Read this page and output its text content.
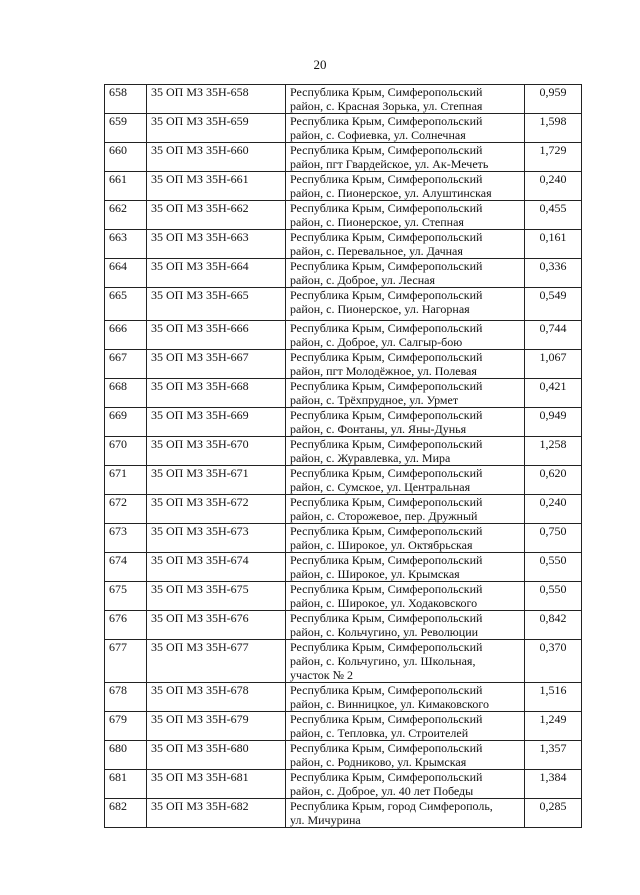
20
658	35 ОП МЗ 35Н-658	Республика Крым, Симферопольский
район, с. Красная Зорька, ул. Степная	0,959
659	35 ОП МЗ 35Н-659	Республика Крым, Симферопольский
район, с. Софиевка, ул. Солнечная	1,598
660	35 ОП МЗ 35Н-660	Республика Крым, Симферопольский
район, пгт Гвардейское, ул. Ак-Мечеть	1,729
661	35 ОП МЗ 35Н-661	Республика Крым, Симферопольский
район, с. Пионерское, ул. Алуштинская	0,240
662	35 ОП МЗ 35Н-662	Республика Крым, Симферопольский
район, с. Пионерское, ул. Степная	0,455
663	35 ОП МЗ 35Н-663	Республика Крым, Симферопольский
район, с. Перевальное, ул. Дачная	0,161
664	35 ОП МЗ 35Н-664	Республика Крым, Симферопольский
район, с. Доброе, ул. Лесная	0,336
665	35 ОП МЗ 35Н-665	Республика Крым, Симферопольский
район, с. Пионерское, ул. Нагорная	0,549
666	35 ОП МЗ 35Н-666	Республика Крым, Симферопольский
район, с. Доброе, ул. Салгыр-бою	0,744
667	35 ОП МЗ 35Н-667	Республика Крым, Симферопольский
район, пгт Молодёжное, ул. Полевая	1,067
668	35 ОП МЗ 35Н-668	Республика Крым, Симферопольский
район, с. Трёхпрудное, ул. Урмет	0,421
669	35 ОП МЗ 35Н-669	Республика Крым, Симферопольский
район, с. Фонтаны, ул. Яны-Дунья	0,949
670	35 ОП МЗ 35Н-670	Республика Крым, Симферопольский
район, с. Журавлевка, ул. Мира	1,258
671	35 ОП МЗ 35Н-671	Республика Крым, Симферопольский
район, с. Сумское, ул. Центральная	0,620
672	35 ОП МЗ 35Н-672	Республика Крым, Симферопольский
район, с. Сторожевое, пер. Дружный	0,240
673	35 ОП МЗ 35Н-673	Республика Крым, Симферопольский
район, с. Широкое, ул. Октябрьская	0,750
674	35 ОП МЗ 35Н-674	Республика Крым, Симферопольский
район, с. Широкое, ул. Крымская	0,550
675	35 ОП МЗ 35Н-675	Республика Крым, Симферопольский
район, с. Широкое, ул. Ходаковского	0,550
676	35 ОП МЗ 35Н-676	Республика Крым, Симферопольский
район, с. Кольчугино, ул. Революции	0,842
677	35 ОП МЗ 35Н-677	Республика Крым, Симферопольский
район, с. Кольчугино, ул. Школьная,
участок № 2	0,370
678	35 ОП МЗ 35Н-678	Республика Крым, Симферопольский
район, с. Винницкое, ул. Кимаковского	1,516
679	35 ОП МЗ 35Н-679	Республика Крым, Симферопольский
район, с. Тепловка, ул. Строителей	1,249
680	35 ОП МЗ 35Н-680	Республика Крым, Симферопольский
район, с. Родниково, ул. Крымская	1,357
681	35 ОП МЗ 35Н-681	Республика Крым, Симферопольский
район, с. Доброе, ул. 40 лет Победы	1,384
682	35 ОП МЗ 35Н-682	Республика Крым, город Симферополь,
ул. Мичурина	0,285
